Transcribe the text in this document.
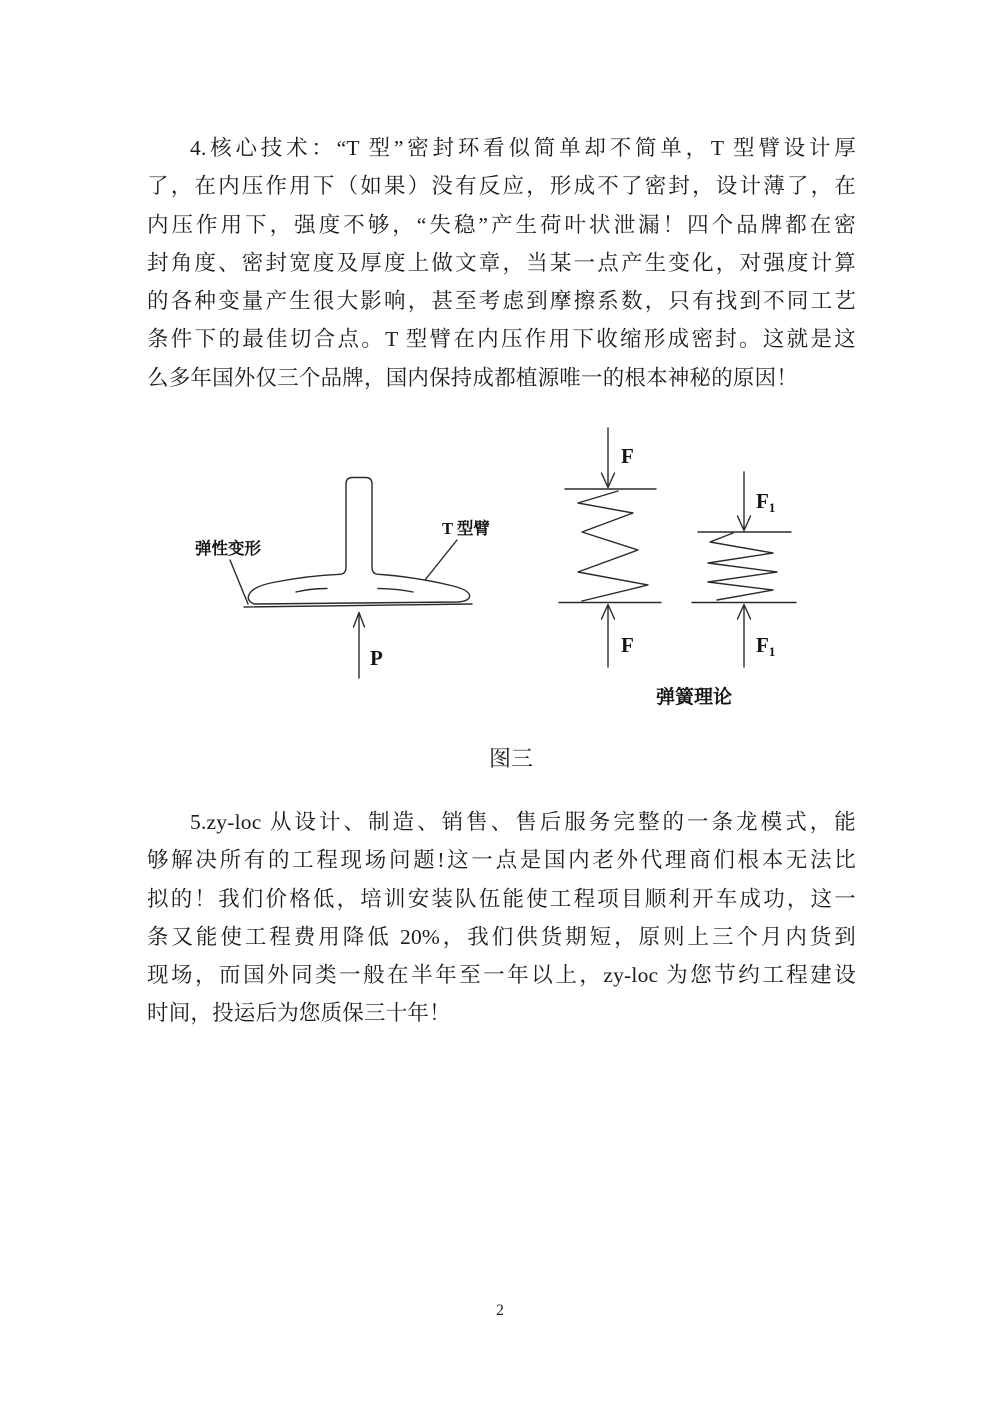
4.核心技术：“T 型”密封环看似简单却不简单，T 型臂设计厚
了，在内压作用下（如果）没有反应，形成不了密封，设计薄了，在
内压作用下，强度不够，“失稳”产生荷叶状泄漏！四个品牌都在密
封角度、密封宽度及厚度上做文章，当某一点产生变化，对强度计算
的各种变量产生很大影响，甚至考虑到摩擦系数，只有找到不同工艺
条件下的最佳切合点。T 型臂在内压作用下收缩形成密封。这就是这
么多年国外仅三个品牌，国内保持成都植源唯一的根本神秘的原因！
弹性变形
T 型臂
P
F
F
F1
F1
弹簧理论
图三
5.zy-loc 从设计、制造、销售、售后服务完整的一条龙模式，能
够解决所有的工程现场问题!这一点是国内老外代理商们根本无法比
拟的！我们价格低，培训安装队伍能使工程项目顺利开车成功，这一
条又能使工程费用降低 20%，我们供货期短，原则上三个月内货到
现场，而国外同类一般在半年至一年以上，zy-loc 为您节约工程建设
时间，投运后为您质保三十年！
2
